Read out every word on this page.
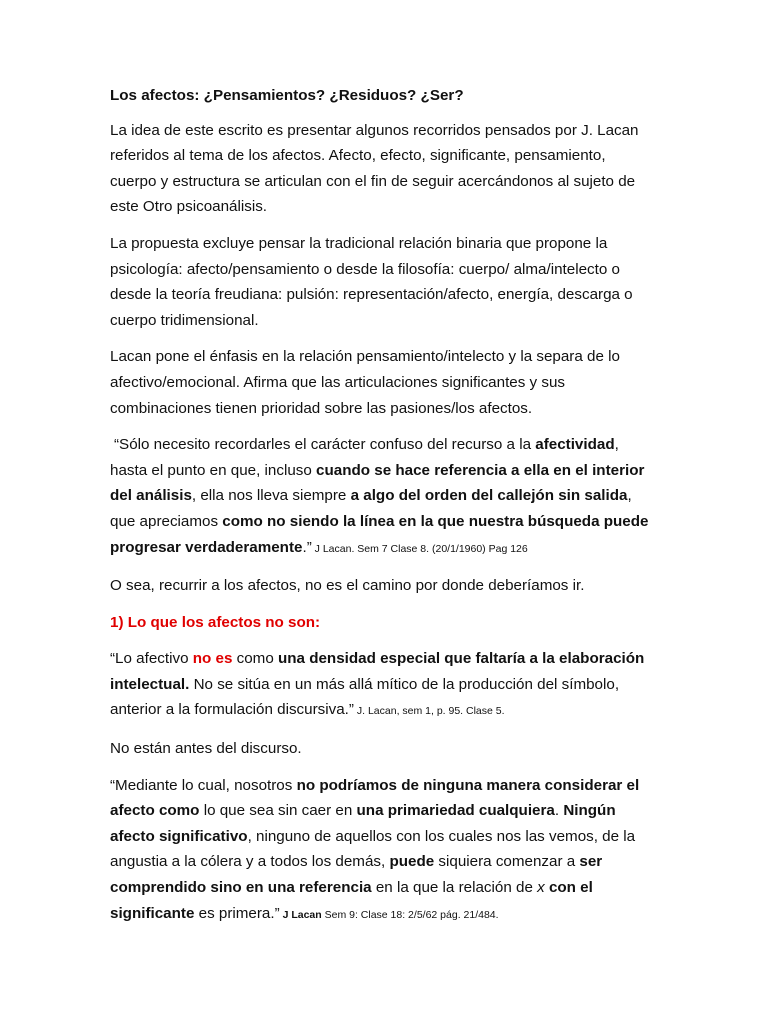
Los afectos: ¿Pensamientos? ¿Residuos? ¿Ser?

La idea de este escrito es presentar algunos recorridos pensados por J. Lacan referidos al tema de los afectos. Afecto, efecto, significante, pensamiento, cuerpo y estructura se articulan con el fin de seguir acercándonos al sujeto de este Otro psicoanálisis.

La propuesta excluye pensar la tradicional relación binaria que propone la psicología: afecto/pensamiento o desde la filosofía: cuerpo/ alma/intelecto o desde la teoría freudiana: pulsión: representación/afecto, energía, descarga o cuerpo tridimensional.

Lacan pone el énfasis en la relación pensamiento/intelecto y la separa de lo afectivo/emocional. Afirma que las articulaciones significantes y sus combinaciones tienen prioridad sobre las pasiones/los afectos.

“Sólo necesito recordarles el carácter confuso del recurso a la afectividad, hasta el punto en que, incluso cuando se hace referencia a ella en el interior del análisis, ella nos lleva siempre a algo del orden del callejón sin salida, que apreciamos como no siendo la línea en la que nuestra búsqueda puede progresar verdaderamente.” J Lacan. Sem 7 Clase 8. (20/1/1960) Pag 126

O sea, recurrir a los afectos, no es el camino por donde deberíamos ir.

1) Lo que los afectos no son:

“Lo afectivo no es como una densidad especial que faltaría a la elaboración intelectual. No se sitúa en un más allá mítico de la producción del símbolo, anterior a la formulación discursiva.” J. Lacan, sem 1, p. 95. Clase 5.

No están antes del discurso.

“Mediante lo cual, nosotros no podríamos de ninguna manera considerar el afecto como lo que sea sin caer en una primariedad cualquiera. Ningún afecto significativo, ninguno de aquellos con los cuales nos las vemos, de la angustia a la cólera y a todos los demás, puede siquiera comenzar a ser comprendido sino en una referencia en la que la relación de x con el significante es primera.” J Lacan Sem 9: Clase 18: 2/5/62 pág. 21/484.
